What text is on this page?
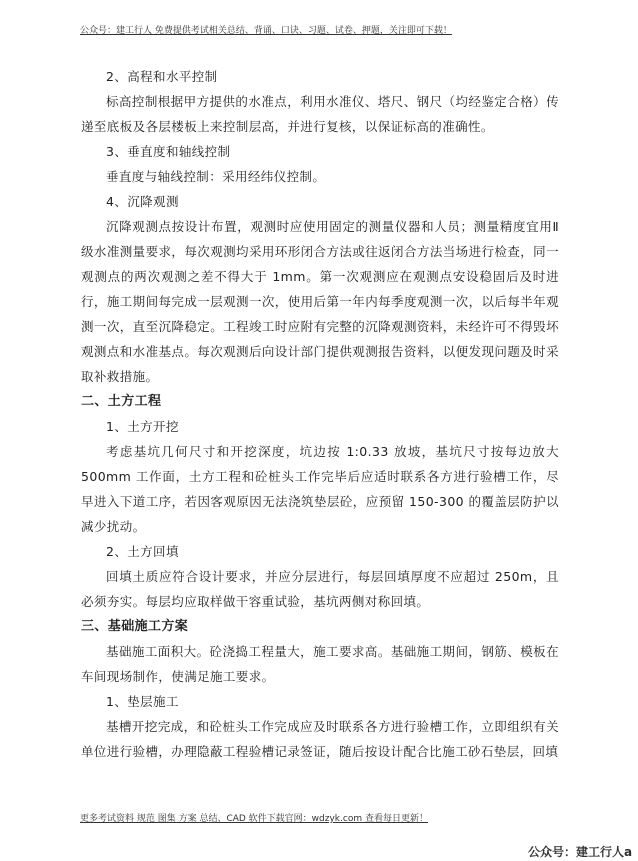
公众号：建工行人 免费提供考试相关总结、背诵、口诀、习题、试卷、押题，关注即可下载！

2、高程和水平控制

标高控制根据甲方提供的水准点，利用水准仪、塔尺、钢尺（均经鉴定合格）传递至底板及各层楼板上来控制层高，并进行复核，以保证标高的准确性。

3、垂直度和轴线控制

垂直度与轴线控制：采用经纬仪控制。

4、沉降观测

沉降观测点按设计布置，观测时应使用固定的测量仪器和人员；测量精度宜用Ⅱ级水准测量要求，每次观测均采用环形闭合方法或往返闭合方法当场进行检查，同一观测点的两次观测之差不得大于 1mm。第一次观测应在观测点安设稳固后及时进行，施工期间每完成一层观测一次，使用后第一年内每季度观测一次，以后每半年观测一次，直至沉降稳定。工程竣工时应附有完整的沉降观测资料，未经许可不得毁坏观测点和水准基点。每次观测后向设计部门提供观测报告资料，以便发现问题及时采取补救措施。

二、土方工程

1、土方开挖

考虑基坑几何尺寸和开挖深度，坑边按 1:0.33 放坡，基坑尺寸按每边放大 500mm 工作面，土方工程和砼桩头工作完毕后应适时联系各方进行验槽工作，尽早进入下道工序，若因客观原因无法浇筑垫层砼，应预留 150-300 的覆盖层防护以减少扰动。

2、土方回填

回填土质应符合设计要求，并应分层进行，每层回填厚度不应超过 250m，且必须夯实。每层均应取样做干容重试验，基坑两侧对称回填。

三、基础施工方案

基础施工面积大。砼浇捣工程量大，施工要求高。基础施工期间，钢筋、模板在车间现场制作，使满足施工要求。

1、垫层施工

基槽开挖完成，和砼桩头工作完成应及时联系各方进行验槽工作，立即组织有关单位进行验槽，办理隐蔽工程验槽记录签证，随后按设计配合比施工砂石垫层，回填

更多考试资料 规范 图集 方案 总结、CAD 软件下载官网：wdzyk.com 查看每日更新！
公众号：建工行人a
